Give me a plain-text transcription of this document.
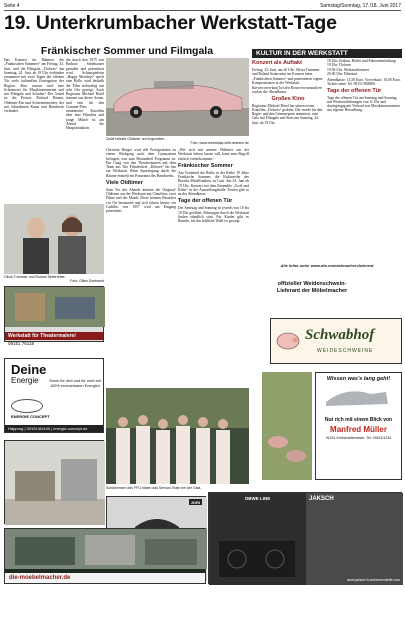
Seite 4	Samstag/Sonntag, 17./18. Juni 2017
19. Unterkrumbacher Werkstatt-Tage
Fränkischer Sommer und Filmgala

Das Konzert im Rahmen des „Fränkischen Sommers“ am Freitag, 23. Juni, und die Filmgala „Dolores“ am Samstag, 24. Juni, ab 19 Uhr verbinden zusammen mit zwei Tagen der offenen Tür viele kulturellen Erzeugnisse der Region. Aber warum wird eine Schreinerei für Musikinstrumente und mit Filmgala und Schulen? Der Grund ist die Person: Richard Danzer, Oldtimer-Fan und Schreinermeister, der seit Jahrzehnten Kunst und Handwerk verbindet.

die durch den 1979 von Barbara Steinhauser gestaltet und präsentiert wird. Schauspielerin „Happy Mondays“ spielt eine Rolle, wird deshalb der Film rechtzeitig um acht Uhr gezeigt. Auch Regisseur Michael Rösel stammt aus dieser Szene, und sein für den Grimme-Preis nominierter Kurzfilm über eine Filmdiva und junge Mütter ist am Abend die Hauptattraktion.

Zwölf tolleste Oldtimer und legendäre...
Foto: www.dreamday-with-dinesen.de
Olivia Trummer und Roland Seiterreiter.
Foto: Gilles Soebrand

Christian Haeger wird alle Protagonisten zu einem Werkgang nach dem Gymnasium befragen, was zum Bestandteil Programm ist. Ein Gang von den Theaterräumen mit dem Team aus Tilo Filmfestival „Dolores“ bis hin zur Werkstatt. Beim Spaziergang durch die Räume entsteht ein Panorama des Handwerks.

Viele Oldtimer

Zum Tor des Abends können der Original-Oldtimer aus der Werkstatt mit Chauffeur, zwei Filme und der Musik. Diese können Besucher vor Ort bestaunen und sich fahren lassen; ein Cadillac von 1957 wird am Eingang präsentiert.

„Wer sich mit seinem Oldtimer aus der Werkstatt fahren lassen will, kann zum Begriff einfach vorbeikommen.“

Fränkischer Sommer

Am Vorabend der Reihe in der Reihe 19 Jahre Fränkische Sommer, die Kulturreihe des Bezirks Mittelfranken, zu Gast. Am 23. Juni ab 19 Uhr: Konzert mit dem Ensemble „Groß und Klein“ in der Ausstellungshalle. Karten gibt es an der Abendkasse.

Tage der offenen Tür

Der Samstag und Sonntag ist jeweils von 10 bis 18 Uhr geöffnet. Führungen durch die Werkstatt finden stündlich statt. Für Kinder gibt es Basteln, für das leibliche Wohl ist gesorgt.

Werkstatt für Theatermalerei
09151 76118
Deine
Energie	Strom für dich und für mich mit 100% erneuerbaren Energien
ENERGIE CONCEPT
Happurg | 09151/81440 | energie-concept.de
Schülerinnen des FFG bilden das Service-Team bei der Gala.
JORI
die-moebelmacher.de
KULTUR IN DER WERKSTATT
Konzert als Auftakt

Freitag, 23. Juni, um 20 Uhr: Olivia Trummer und Roland Seiterreiter im Konzert beim „Fränkischen Sommer“ und präsentieren eigene Kompositionen in der Werkstatt.

Kartenvorverkauf bei den Konzertveranstaltern und an der Abendkasse.

Großes Kino

Regisseur Michael Rösel hat seinen ersten Kinofilm „Dolores“ gedreht. Der wurde für den Regie- und den Grimmepreis nominiert, eine Gala mit Filmgala und Stars am Samstag, 24. Juni, ab 19 Uhr.

18 Uhr: Einlass, Buffet und Pianounterhaltung

19 Uhr: Dolores

19:30 Uhr: Werkstattkonzert

20:30 Uhr: Filmstart

Abendkasse: 14,50 Euro, Vorverkauf: 10,00 Euro. Tickets unter Tel. 09151/838880.

Tage der offenen Tür

Tage der offenen Tür am Samstag und Sonntag, mit Werkstattführungen von 11 Uhr und durchgängig mit Verkauf von Musikinstrumenten aus eigener Herstellung.

Alle Infos unter www.die-moebelmacher.de/event
offizieller Weidenschwein-Lieferant der Möbelmacher
Schwabhof
WEIDESCHWEINE
Wissen was's lang geht!
Nut rich mit einem Blick von
Manfred Müller
91241 Kirchensittenbach, Tel. 09151/1234
OBWE LINE	JAKSCH
www.jaksch-Kuechenmodelle.com
